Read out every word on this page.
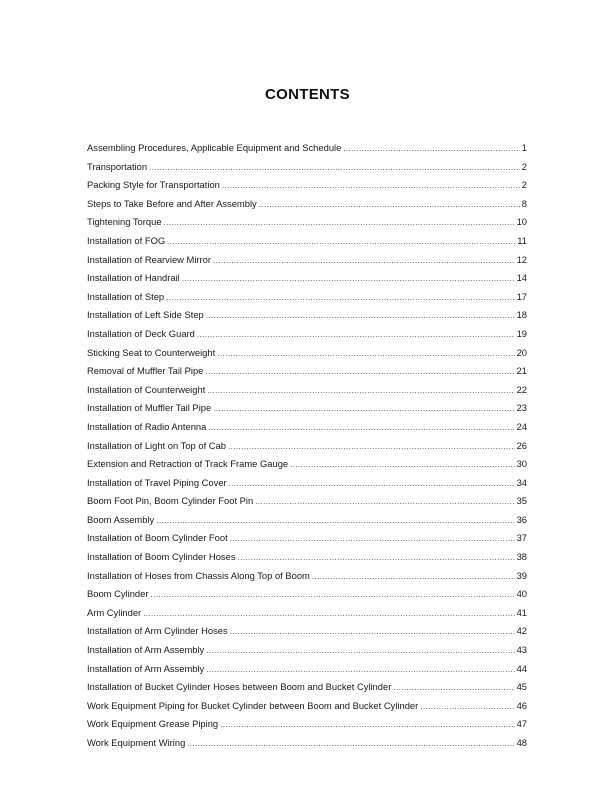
CONTENTS
Assembling Procedures, Applicable Equipment and Schedule .....	1
Transportation .....	2
Packing Style for Transportation .....	2
Steps to Take Before and After Assembly .....	8
Tightening Torque .....	10
Installation of FOG .....	11
Installation of Rearview Mirror .....	12
Installation of Handrail .....	14
Installation of Step .....	17
Installation of Left Side Step .....	18
Installation of Deck Guard .....	19
Sticking Seat to Counterweight .....	20
Removal of Muffler Tail Pipe .....	21
Installation of Counterweight .....	22
Installation of Muffler Tail Pipe .....	23
Installation of Radio Antenna .....	24
Installation of Light on Top of Cab .....	26
Extension and Retraction of Track Frame Gauge .....	30
Installation of Travel Piping Cover .....	34
Boom Foot Pin, Boom Cylinder Foot Pin .....	35
Boom Assembly .....	36
Installation of Boom Cylinder Foot .....	37
Installation of Boom Cylinder Hoses .....	38
Installation of Hoses from Chassis Along Top of Boom .....	39
Boom Cylinder .....	40
Arm Cylinder .....	41
Installation of Arm Cylinder Hoses .....	42
Installation of Arm Assembly .....	43
Installation of Arm Assembly .....	44
Installation of Bucket Cylinder Hoses between Boom and Bucket Cylinder .....	45
Work Equipment Piping for Bucket Cylinder between Boom and Bucket Cylinder .....	46
Work Equipment Grease Piping .....	47
Work Equipment Wiring .....	48
